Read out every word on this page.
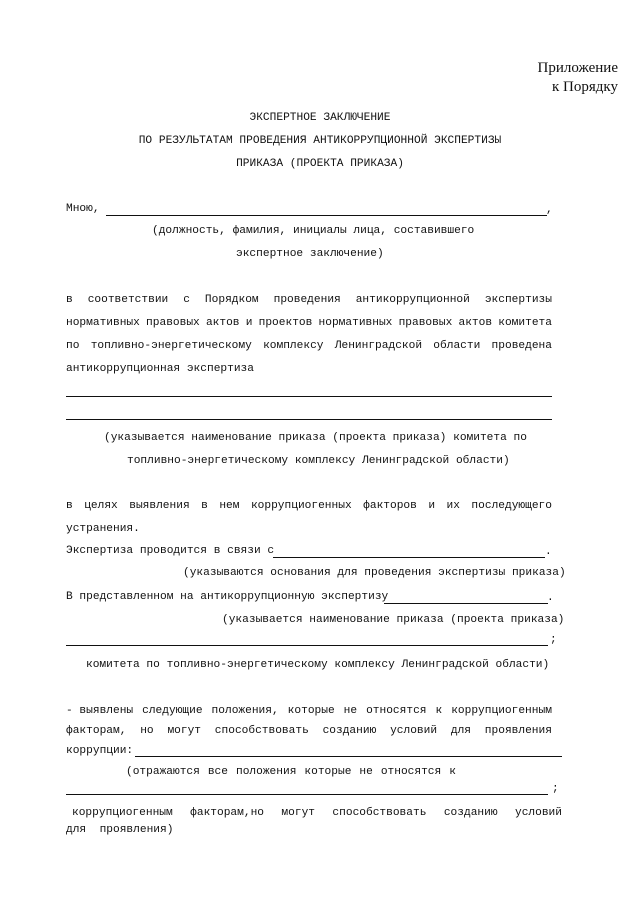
Приложение
к Порядку
ЭКСПЕРТНОЕ ЗАКЛЮЧЕНИЕ
ПО РЕЗУЛЬТАТАМ ПРОВЕДЕНИЯ АНТИКОРРУПЦИОННОЙ ЭКСПЕРТИЗЫ
ПРИКАЗА (ПРОЕКТА ПРИКАЗА)
Мною,	,
(должность, фамилия, инициалы лица, составившего
экспертное заключение)
в соответствии с Порядком проведения антикоррупционной экспертизы
нормативных правовых актов и проектов нормативных правовых актов комитета
по топливно-энергетическому комплексу Ленинградской области проведена
антикоррупционная экспертиза
(указывается наименование приказа (проекта приказа) комитета по
топливно-энергетическому комплексу Ленинградской области)
в целях выявления в нем коррупциогенных факторов и их последующего
устранения.
Экспертиза проводится в связи с	.
(указываются основания для проведения экспертизы приказа)
В представленном на антикоррупционную экспертизу	.
(указывается наименование приказа (проекта приказа)
;
комитета по топливно-энергетическому комплексу Ленинградской области)
- выявлены следующие положения, которые не относятся к коррупциогенным
факторам, но могут способствовать созданию условий для проявления
коррупции:
(отражаются все положения которые не относятся к
;
коррупциогенным факторам,но могут способствовать созданию условий
для  проявления)
